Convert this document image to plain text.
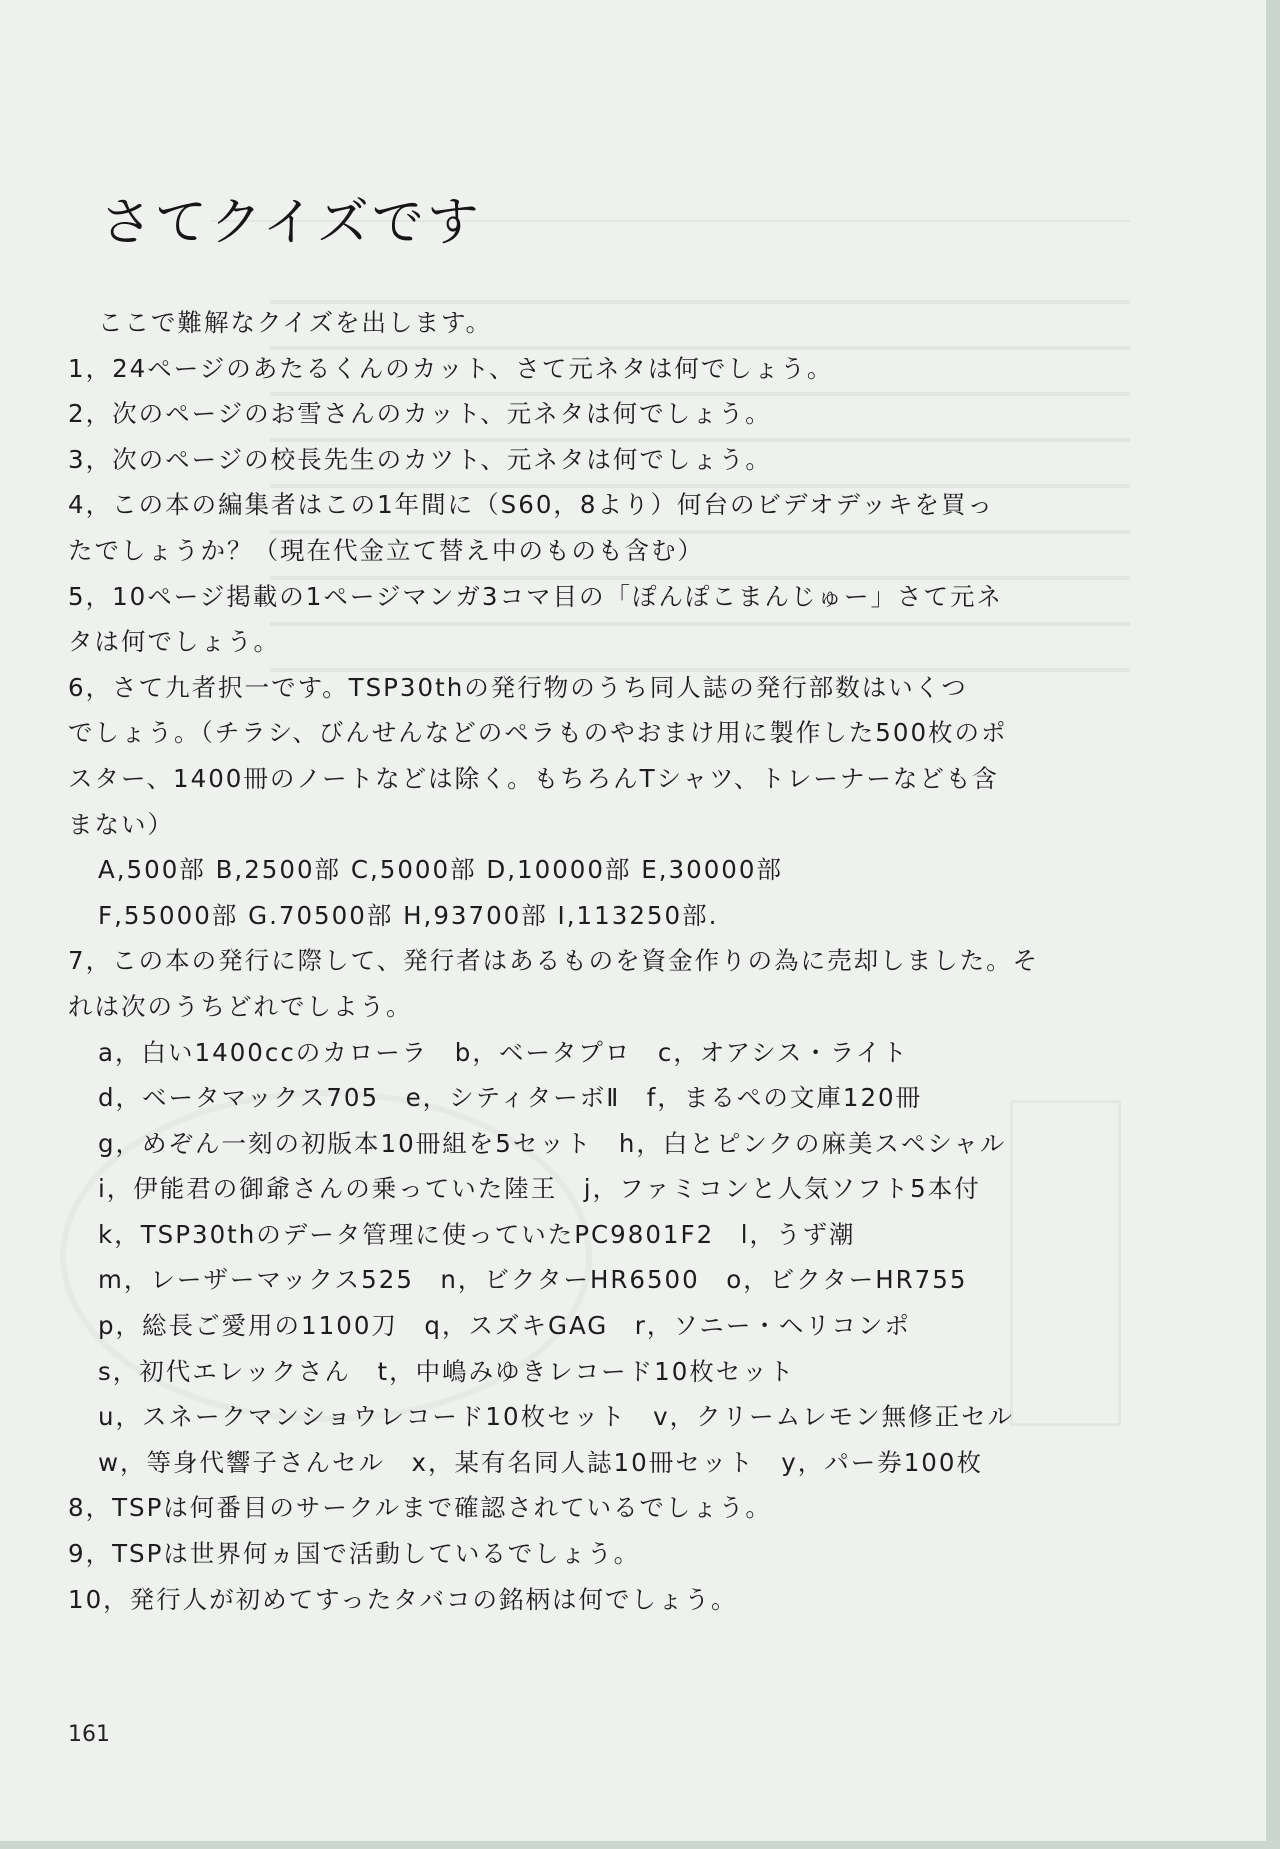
さてクイズです
ここで難解なクイズを出します。
1，24ページのあたるくんのカット、さて元ネタは何でしょう。
2，次のページのお雪さんのカット、元ネタは何でしょう。
3，次のページの校長先生のカツト、元ネタは何でしょう。
4，この本の編集者はこの1年間に（S60，8より）何台のビデオデッキを買っ
たでしょうか？（現在代金立て替え中のものも含む）
5，10ページ掲載の1ページマンガ3コマ目の「ぽんぽこまんじゅー」さて元ネ
タは何でしょう。
6，さて九者択一です。TSP30thの発行物のうち同人誌の発行部数はいくつ
でしょう。（チラシ、びんせんなどのペラものやおまけ用に製作した500枚のポ
スター、1400冊のノートなどは除く。もちろんTシャツ、トレーナーなども含
まない）
A,500部 B,2500部 C,5000部 D,10000部 E,30000部
F,55000部 G.70500部 H,93700部 I,113250部.
7，この本の発行に際して、発行者はあるものを資金作りの為に売却しました。そ
れは次のうちどれでしよう。
a，白い1400ccのカローラ　b，ベータプロ　c，オアシス・ライト
d，ベータマックス705　e，シティターボⅡ　f，まるぺの文庫120冊
g，めぞん一刻の初版本10冊組を5セット　h，白とピンクの麻美スペシャル
i，伊能君の御爺さんの乗っていた陸王　j，ファミコンと人気ソフト5本付
k，TSP30thのデータ管理に使っていたPC9801F2　l，うず潮
m，レーザーマックス525　n，ビクターHR6500　o，ビクターHR755
p，総長ご愛用の1100刀　q，スズキGAG　r，ソニー・ヘリコンポ
s，初代エレックさん　t，中嶋みゆきレコード10枚セット
u，スネークマンショウレコード10枚セット　v，クリームレモン無修正セル
w，等身代響子さんセル　x，某有名同人誌10冊セット　y，パー券100枚
8，TSPは何番目のサークルまで確認されているでしょう。
9，TSPは世界何ヵ国で活動しているでしょう。
10，発行人が初めてすったタバコの銘柄は何でしょう。
161
